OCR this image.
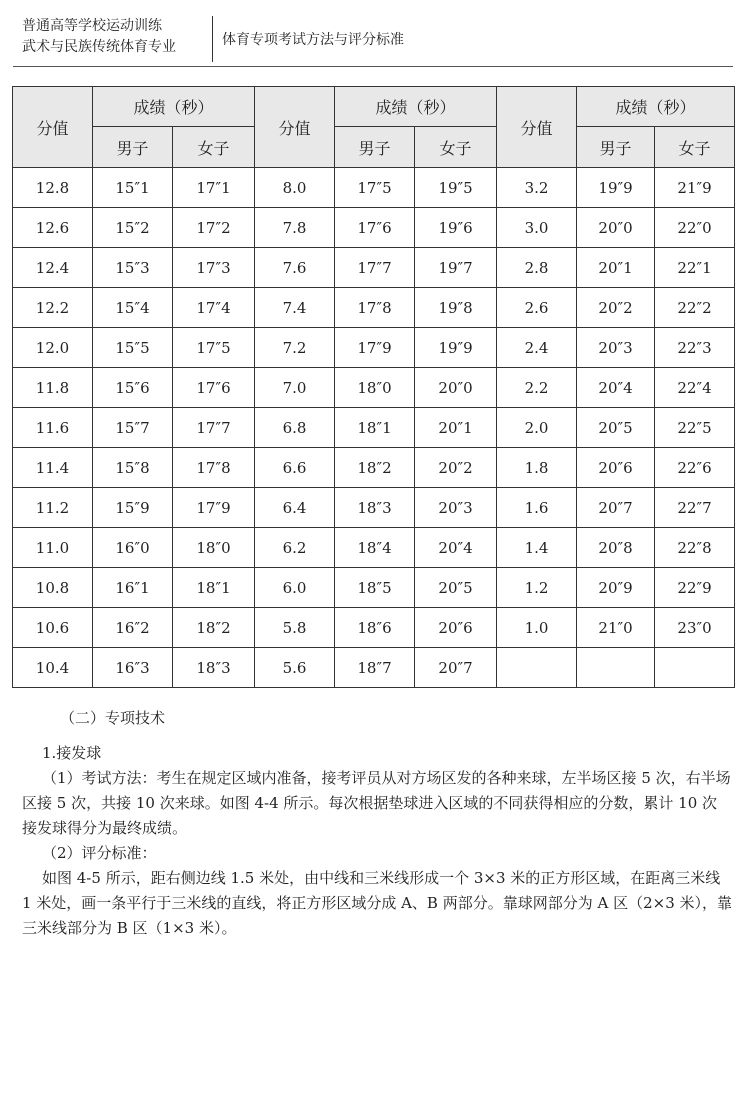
普通高等学校运动训练
武术与民族传统体育专业	体育专项考试方法与评分标准
分值	成绩（秒）		分值	成绩（秒）		分值	成绩（秒）	
	男子	女子		男子	女子		男子	女子
12.8	15″1	17″1	8.0	17″5	19″5	3.2	19″9	21″9
12.6	15″2	17″2	7.8	17″6	19″6	3.0	20″0	22″0
12.4	15″3	17″3	7.6	17″7	19″7	2.8	20″1	22″1
12.2	15″4	17″4	7.4	17″8	19″8	2.6	20″2	22″2
12.0	15″5	17″5	7.2	17″9	19″9	2.4	20″3	22″3
11.8	15″6	17″6	7.0	18″0	20″0	2.2	20″4	22″4
11.6	15″7	17″7	6.8	18″1	20″1	2.0	20″5	22″5
11.4	15″8	17″8	6.6	18″2	20″2	1.8	20″6	22″6
11.2	15″9	17″9	6.4	18″3	20″3	1.6	20″7	22″7
11.0	16″0	18″0	6.2	18″4	20″4	1.4	20″8	22″8
10.8	16″1	18″1	6.0	18″5	20″5	1.2	20″9	22″9
10.6	16″2	18″2	5.8	18″6	20″6	1.0	21″0	23″0
10.4	16″3	18″3	5.6	18″7	20″7			

（二）专项技术

1.接发球

（1）考试方法：考生在规定区域内准备，接考评员从对方场区发的各种来球，左半场区接 5 次，右半场区接 5 次，共接 10 次来球。如图 4-4 所示。每次根据垫球进入区域的不同获得相应的分数，累计 10 次接发球得分为最终成绩。

（2）评分标准：

如图 4-5 所示，距右侧边线 1.5 米处，由中线和三米线形成一个 3×3 米的正方形区域，在距离三米线 1 米处，画一条平行于三米线的直线，将正方形区域分成 A、B 两部分。靠球网部分为 A 区（2×3 米），靠三米线部分为 B 区（1×3 米）。
